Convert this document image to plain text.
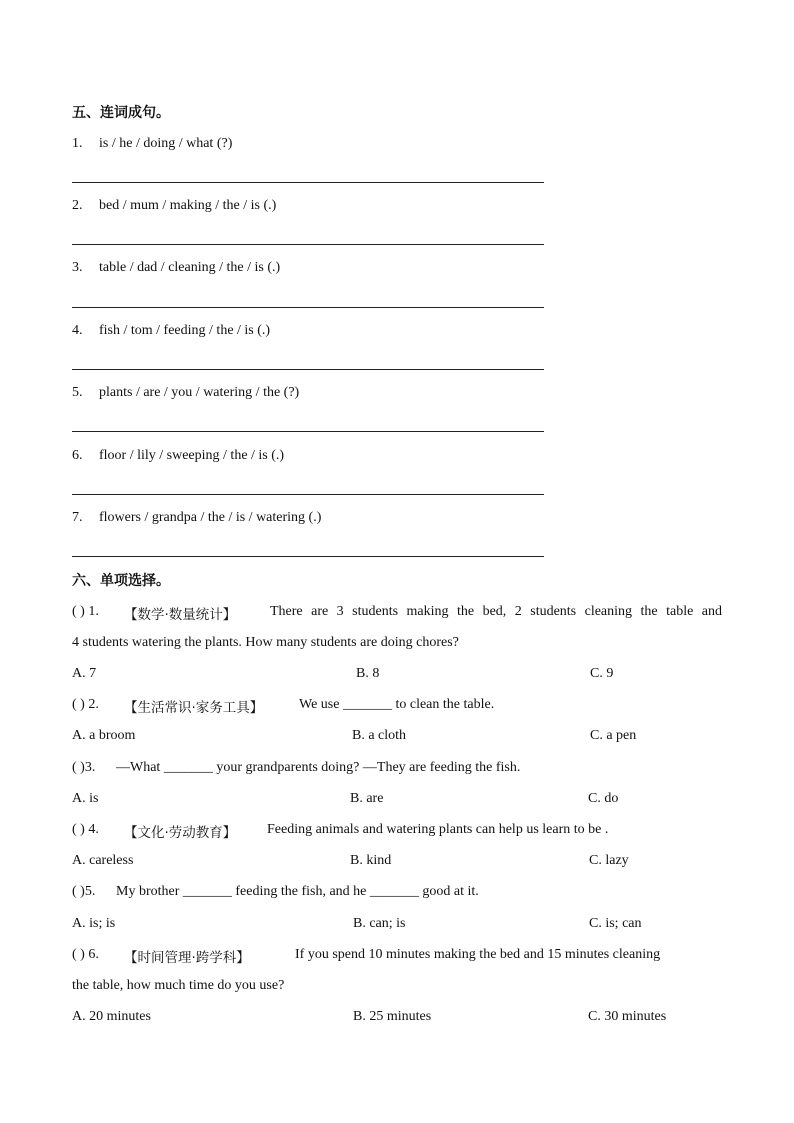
五、连词成句。
1. is / he / doing / what (?)
2. bed / mum / making / the / is (.)
3. table / dad / cleaning / the / is (.)
4. fish / tom / feeding / the / is (.)
5. plants / are / you / watering / the (?)
6. floor / lily / sweeping / the / is (.)
7. flowers / grandpa / the / is / watering (.)
六、单项选择。
( ) 1. 【数学·数量统计】 There are 3 students making the bed, 2 students cleaning the table and
4 students watering the plants. How many students are doing chores?
A. 7	B. 8	C. 9
( ) 2. 【生活常识·家务工具】	We use _______ to clean the table.
A. a broom	B. a cloth	C. a pen
( )3. —What _______ your grandparents doing? —They are feeding the fish.
A. is	B. are	C. do
( ) 4. 【文化·劳动教育】 Feeding animals and watering plants can help us learn to be .
A. careless	B. kind	C. lazy
( )5. My brother _______ feeding the fish, and he _______ good at it.
A. is; is	B. can; is	C. is; can
( ) 6. 【时间管理·跨学科】	If you spend 10 minutes making the bed and 15 minutes cleaning
the table, how much time do you use?
A. 20 minutes	B. 25 minutes	C. 30 minutes
